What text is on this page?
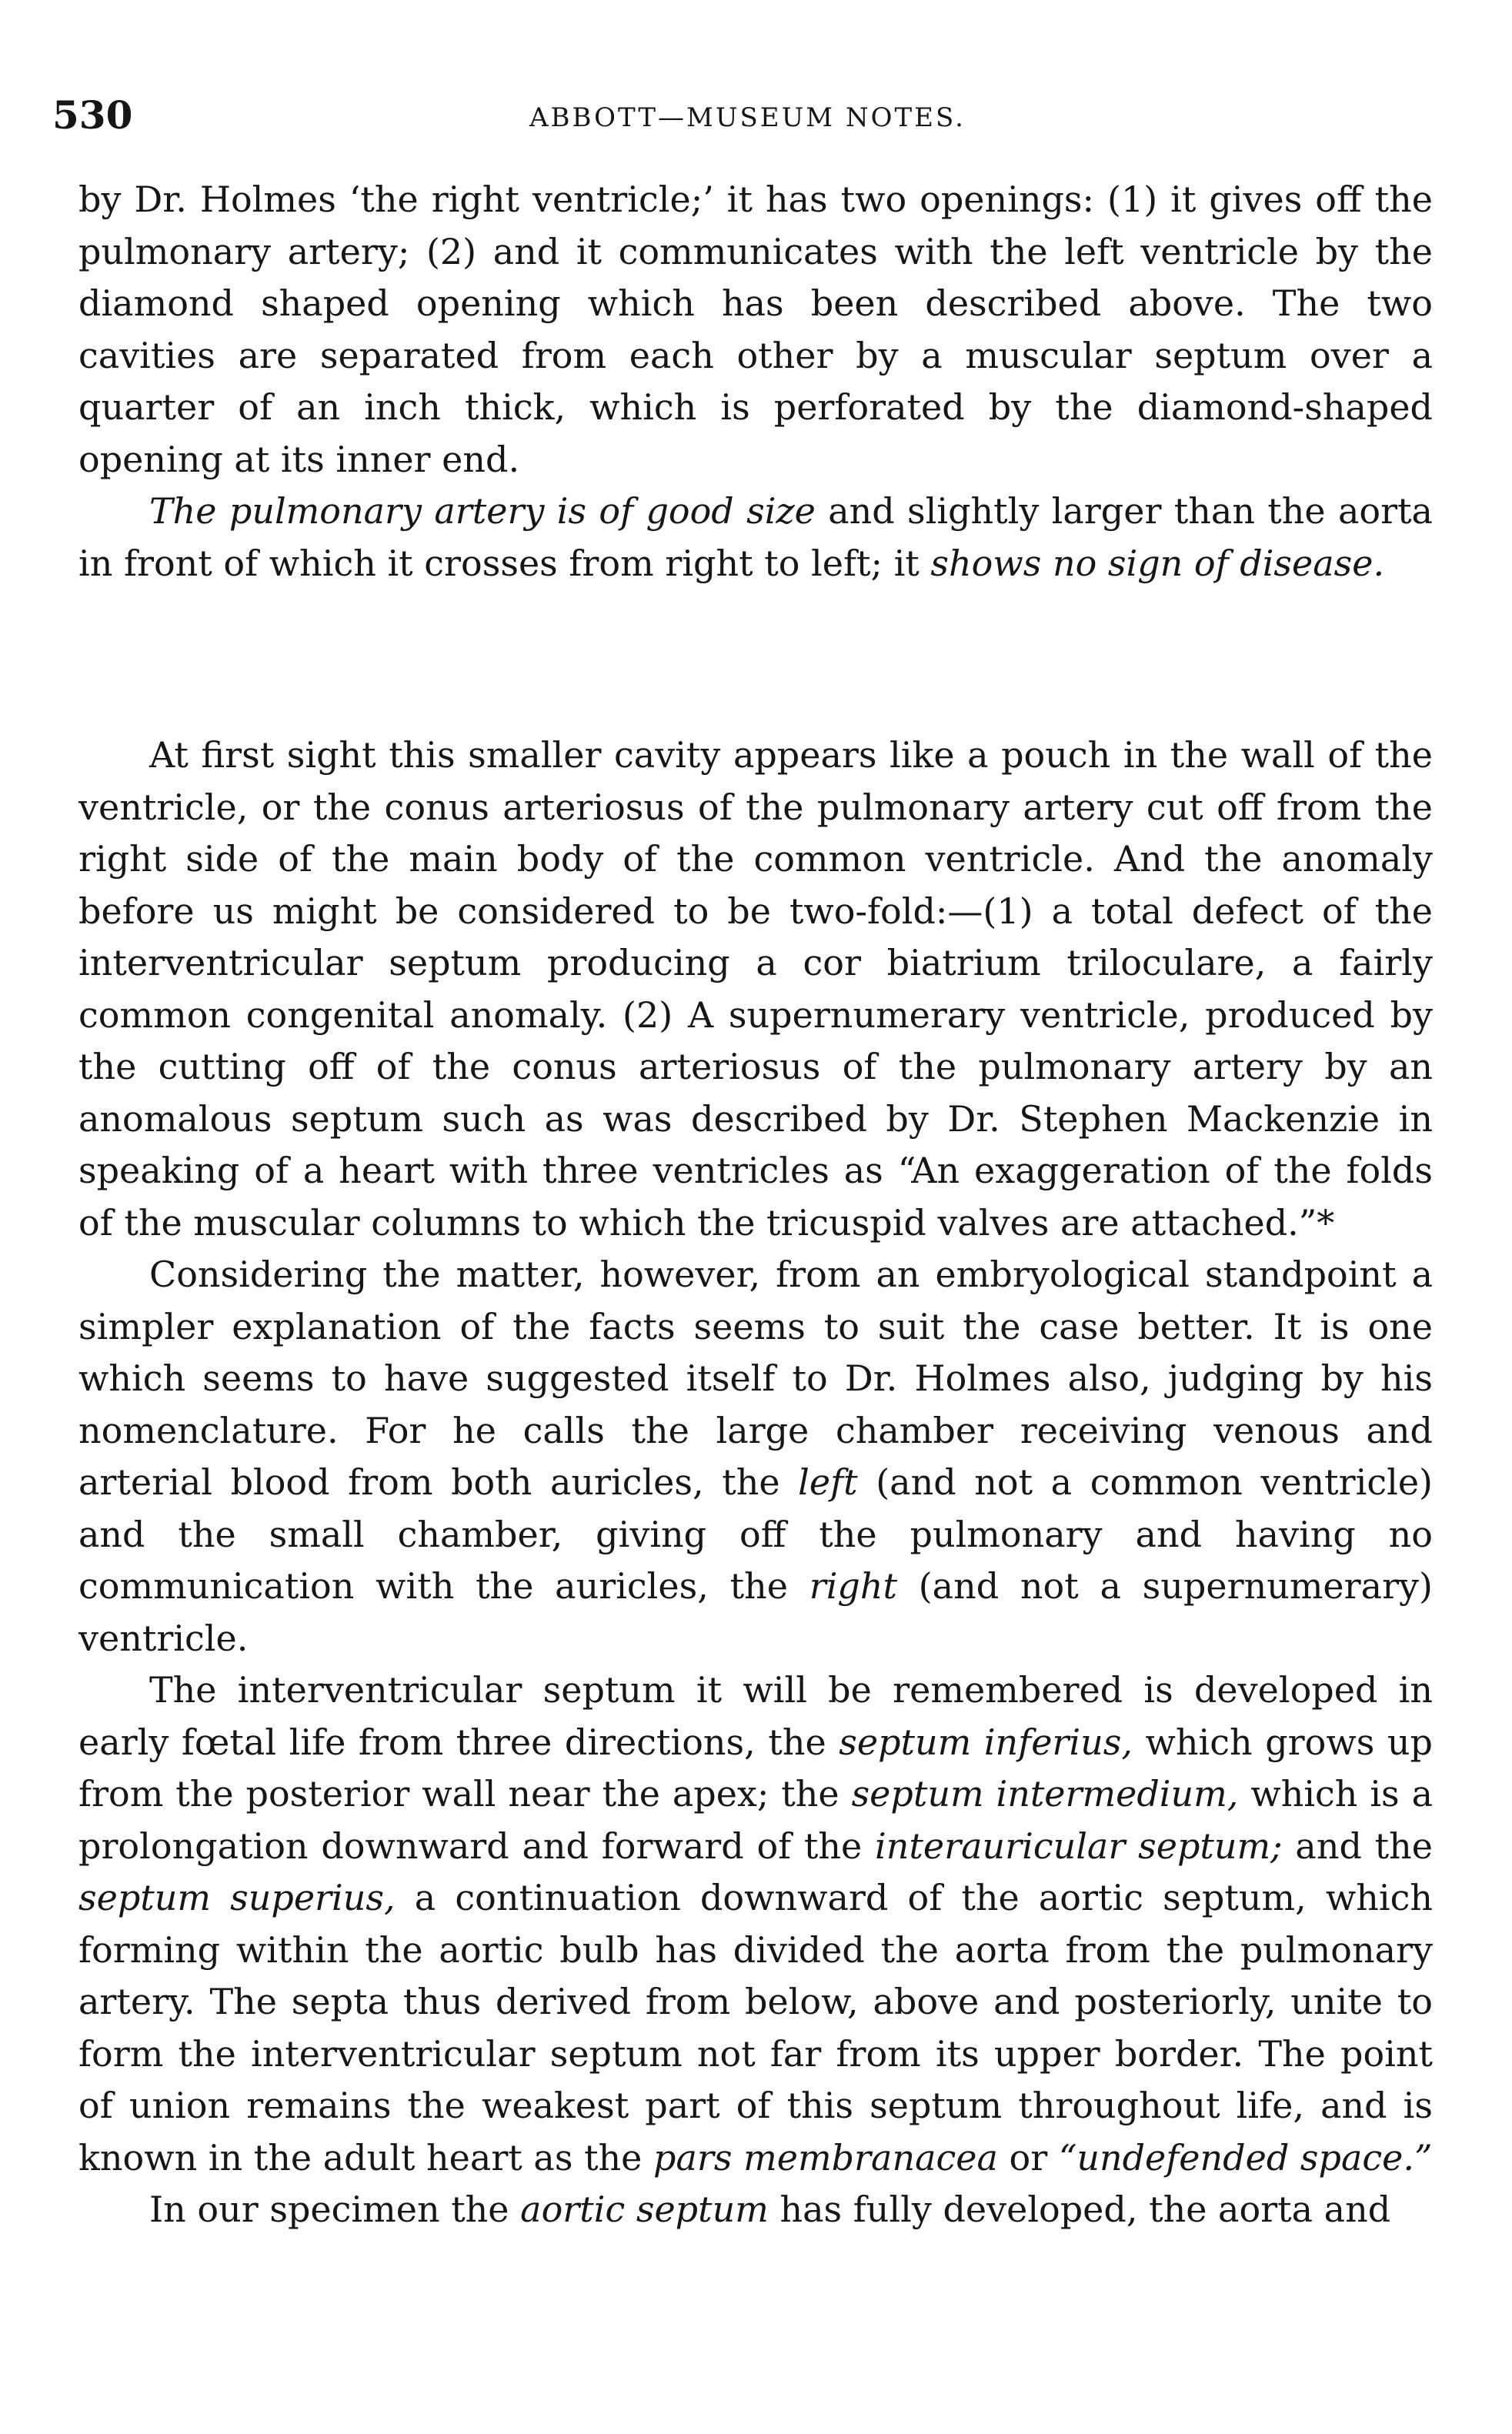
530	ABBOTT—MUSEUM NOTES.

by Dr. Holmes ‘the right ventricle;’ it has two openings: (1) it gives off the pulmonary artery; (2) and it communicates with the left ventricle by the diamond shaped opening which has been described above. The two cavities are separated from each other by a muscular septum over a quarter of an inch thick, which is perforated by the diamond-shaped opening at its inner end.

The pulmonary artery is of good size and slightly larger than the aorta in front of which it crosses from right to left; it shows no sign of disease.

At first sight this smaller cavity appears like a pouch in the wall of the ventricle, or the conus arteriosus of the pulmonary artery cut off from the right side of the main body of the common ventricle. And the anomaly before us might be considered to be two-fold:—(1) a total defect of the interventricular septum producing a cor biatrium triloculare, a fairly common congenital anomaly. (2) A supernumerary ventricle, produced by the cutting off of the conus arteriosus of the pulmonary artery by an anomalous septum such as was described by Dr. Stephen Mackenzie in speaking of a heart with three ventricles as “An exaggeration of the folds of the muscular columns to which the tricuspid valves are attached.”*

Considering the matter, however, from an embryological standpoint a simpler explanation of the facts seems to suit the case better. It is one which seems to have suggested itself to Dr. Holmes also, judging by his nomenclature. For he calls the large chamber receiving venous and arterial blood from both auricles, the left (and not a common ventricle) and the small chamber, giving off the pulmonary and having no communication with the auricles, the right (and not a supernumerary) ventricle.

The interventricular septum it will be remembered is developed in early fœtal life from three directions, the septum inferius, which grows up from the posterior wall near the apex; the septum intermedium, which is a prolongation downward and forward of the interauricular septum; and the septum superius, a continuation downward of the aortic septum, which forming within the aortic bulb has divided the aorta from the pulmonary artery. The septa thus derived from below, above and posteriorly, unite to form the interventricular septum not far from its upper border. The point of union remains the weakest part of this septum throughout life, and is known in the adult heart as the pars membranacea or “undefended space.”

In our specimen the aortic septum has fully developed, the aorta and
